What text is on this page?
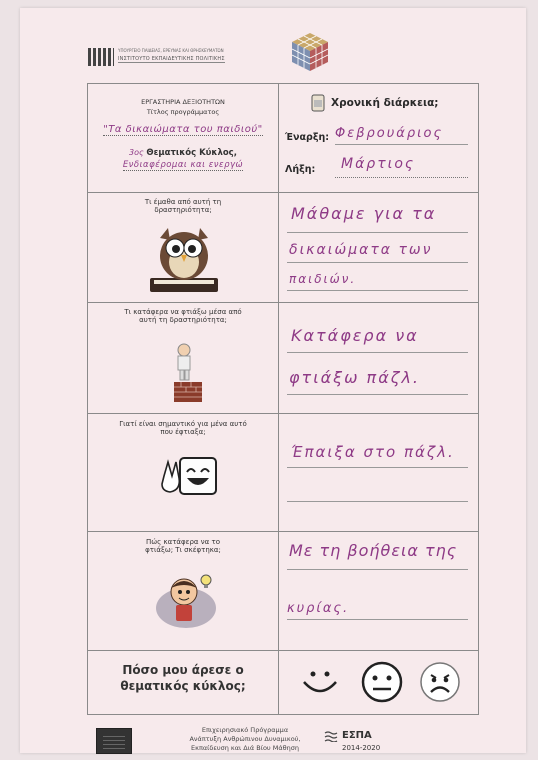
ΥΠΟΥΡΓΕΙΟ ΠΑΙΔΕΙΑΣ, ΕΡΕΥΝΑΣ ΚΑΙ ΘΡΗΣΚΕΥΜΑΤΩΝ
ΙΝΣΤΙΤΟΥΤΟ ΕΚΠΑΙΔΕΥΤΙΚΗΣ ΠΟΛΙΤΙΚΗΣ
ΕΡΓΑΣΤΗΡΙΑ ΔΕΞΙΟΤΗΤΩΝ
Τίτλος προγράμματος
"Τα δικαιώματα του παιδιού"
3ος Θεματικός Κύκλος,
Ενδιαφέρομαι και ενεργώ
Χρονική διάρκεια;
Έναρξη: Φεβρουάριος
Λήξη: Μάρτιος
Τι έμαθα από αυτή τη δραστηριότητα;	Μάθαμε για τα
δικαιώματα των
παιδιών.
Τι κατάφερα να φτιάξω μέσα από αυτή τη δραστηριότητα;
Κατάφερα να
φτιάξω πάζλ.
Γιατί είναι σημαντικό για μένα αυτό που έφτιαξα;
Έπαιξα στο πάζλ.
Πώς κατάφερα να το φτιάξω; Τι σκέφτηκα;	Με τη βοήθεια της
κυρίας.
Πόσο μου άρεσε ο θεματικός κύκλος;
Επιχειρησιακό Πρόγραμμα
Ανάπτυξη Ανθρώπινου Δυναμικού,
Εκπαίδευση και Διά Βίου Μάθηση
ΕΣΠΑ
2014-2020
